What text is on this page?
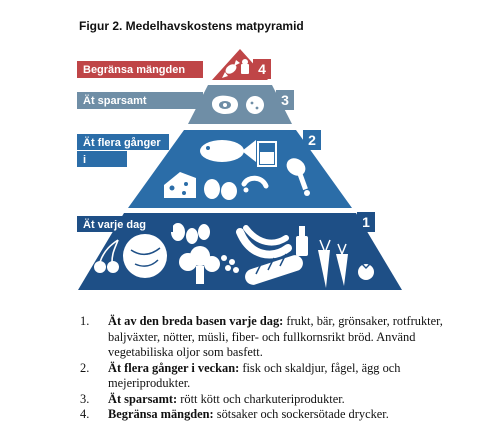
Figur 2. Medelhavskostens matpyramid
Begränsa mängden	4
Ät sparsamt	3
Ät flera gånger
i veckan
2
Ät varje dag	1
1.	Ät av den breda basen varje dag: frukt, bär, grönsaker, rotfrukter, baljväxter, nötter, müsli, fiber- och fullkornsrikt bröd. Använd vegetabiliska oljor som basfett.
2.	Ät flera gånger i veckan: fisk och skaldjur, fågel, ägg och mejeriprodukter.
3.	Ät sparsamt: rött kött och charkuteriprodukter.
4.	Begränsa mängden: sötsaker och sockersötade drycker.
